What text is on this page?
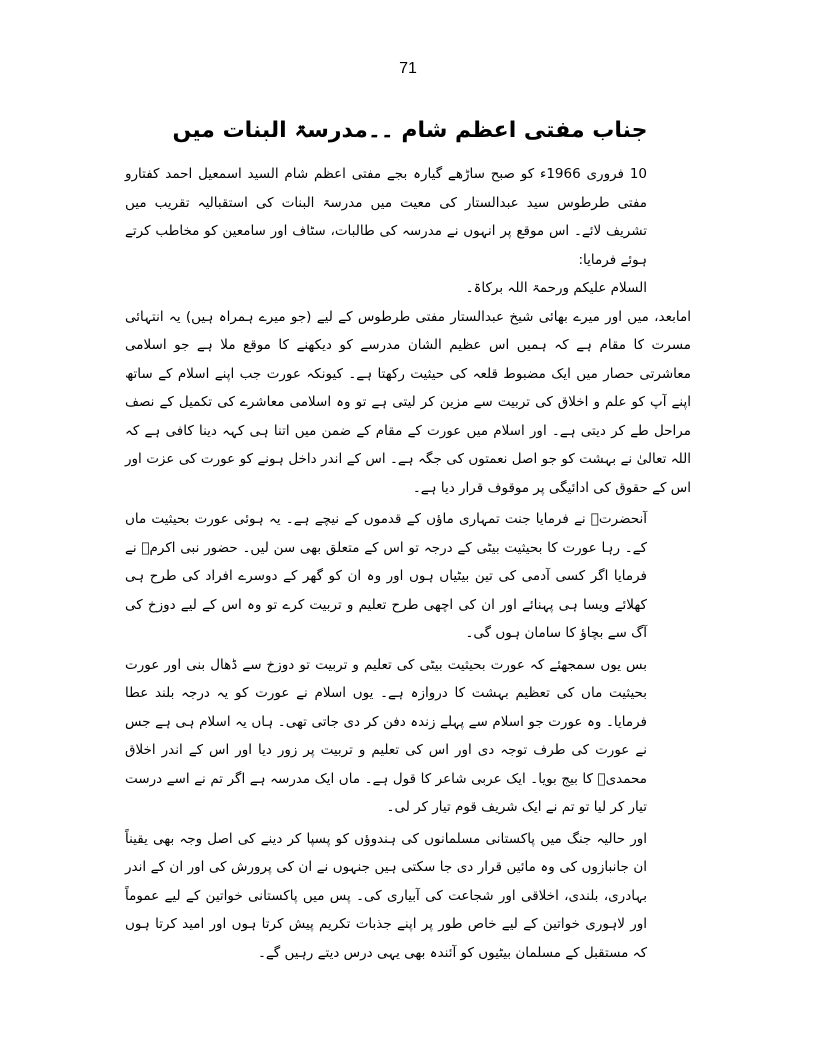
71
جناب مفتی اعظم شام ۔۔مدرسۃ البنات میں

10 فروری 1966ء کو صبح ساڑھے گیارہ بجے مفتی اعظم شام السید اسمعیل احمد کفتارو مفتی طرطوس سید عبدالستار کی معیت میں مدرسۃ البنات کی استقبالیہ تقریب میں تشریف لائے۔ اس موقع پر انہوں نے مدرسہ کی طالبات، سٹاف اور سامعین کو مخاطب کرتے ہوئے فرمایا:

السلام علیکم ورحمۃ اللہ برکاۃ۔

امابعد، میں اور میرے بھائی شیخ عبدالستار مفتی طرطوس کے لیے (جو میرے ہمراہ ہیں) یہ انتہائی مسرت کا مقام ہے کہ ہمیں اس عظیم الشان مدرسے کو دیکھنے کا موقع ملا ہے جو اسلامی معاشرتی حصار میں ایک مضبوط قلعہ کی حیثیت رکھتا ہے۔ کیونکہ عورت جب اپنے اسلام کے ساتھ اپنے آپ کو علم و اخلاق کی تربیت سے مزین کر لیتی ہے تو وہ اسلامی معاشرے کی تکمیل کے نصف مراحل طے کر دیتی ہے۔ اور اسلام میں عورت کے مقام کے ضمن میں اتنا ہی کہہ دینا کافی ہے کہ اللہ تعالیٰ نے بہشت کو جو اصل نعمتوں کی جگہ ہے۔ اس کے اندر داخل ہونے کو عورت کی عزت اور اس کے حقوق کی ادائیگی پر موقوف قرار دیا ہے۔

آنحضرتؐ نے فرمایا جنت تمہاری ماؤں کے قدموں کے نیچے ہے۔ یہ ہوئی عورت بحیثیت ماں کے۔ رہا عورت کا بحیثیت بیٹی کے درجہ تو اس کے متعلق بھی سن لیں۔ حضور نبی اکرمؐ نے فرمایا اگر کسی آدمی کی تین بیٹیاں ہوں اور وہ ان کو گھر کے دوسرے افراد کی طرح ہی کھلائے ویسا ہی پہنائے اور ان کی اچھی طرح تعلیم و تربیت کرے تو وہ اس کے لیے دوزخ کی آگ سے بچاؤ کا سامان ہوں گی۔

بس یوں سمجھئے کہ عورت بحیثیت بیٹی کی تعلیم و تربیت تو دوزخ سے ڈھال بنی اور عورت بحیثیت ماں کی تعظیم بہشت کا دروازہ ہے۔ یوں اسلام نے عورت کو یہ درجہ بلند عطا فرمایا۔ وہ عورت جو اسلام سے پہلے زندہ دفن کر دی جاتی تھی۔ ہاں یہ اسلام ہی ہے جس نے عورت کی طرف توجہ دی اور اس کی تعلیم و تربیت پر زور دیا اور اس کے اندر اخلاق محمدیؐ کا بیج بویا۔ ایک عربی شاعر کا قول ہے۔ ماں ایک مدرسہ ہے اگر تم نے اسے درست تیار کر لیا تو تم نے ایک شریف قوم تیار کر لی۔

اور حالیہ جنگ میں پاکستانی مسلمانوں کی ہندوؤں کو پسپا کر دینے کی اصل وجہ بھی یقیناً ان جانبازوں کی وہ مائیں قرار دی جا سکتی ہیں جنہوں نے ان کی پرورش کی اور ان کے اندر بہادری، بلندی، اخلاقی اور شجاعت کی آبیاری کی۔ پس میں پاکستانی خواتین کے لیے عموماً اور لاہوری خواتین کے لیے خاص طور پر اپنے جذبات تکریم پیش کرتا ہوں اور امید کرتا ہوں کہ مستقبل کے مسلمان بیٹیوں کو آئندہ بھی یہی درس دیتے رہیں گے۔
